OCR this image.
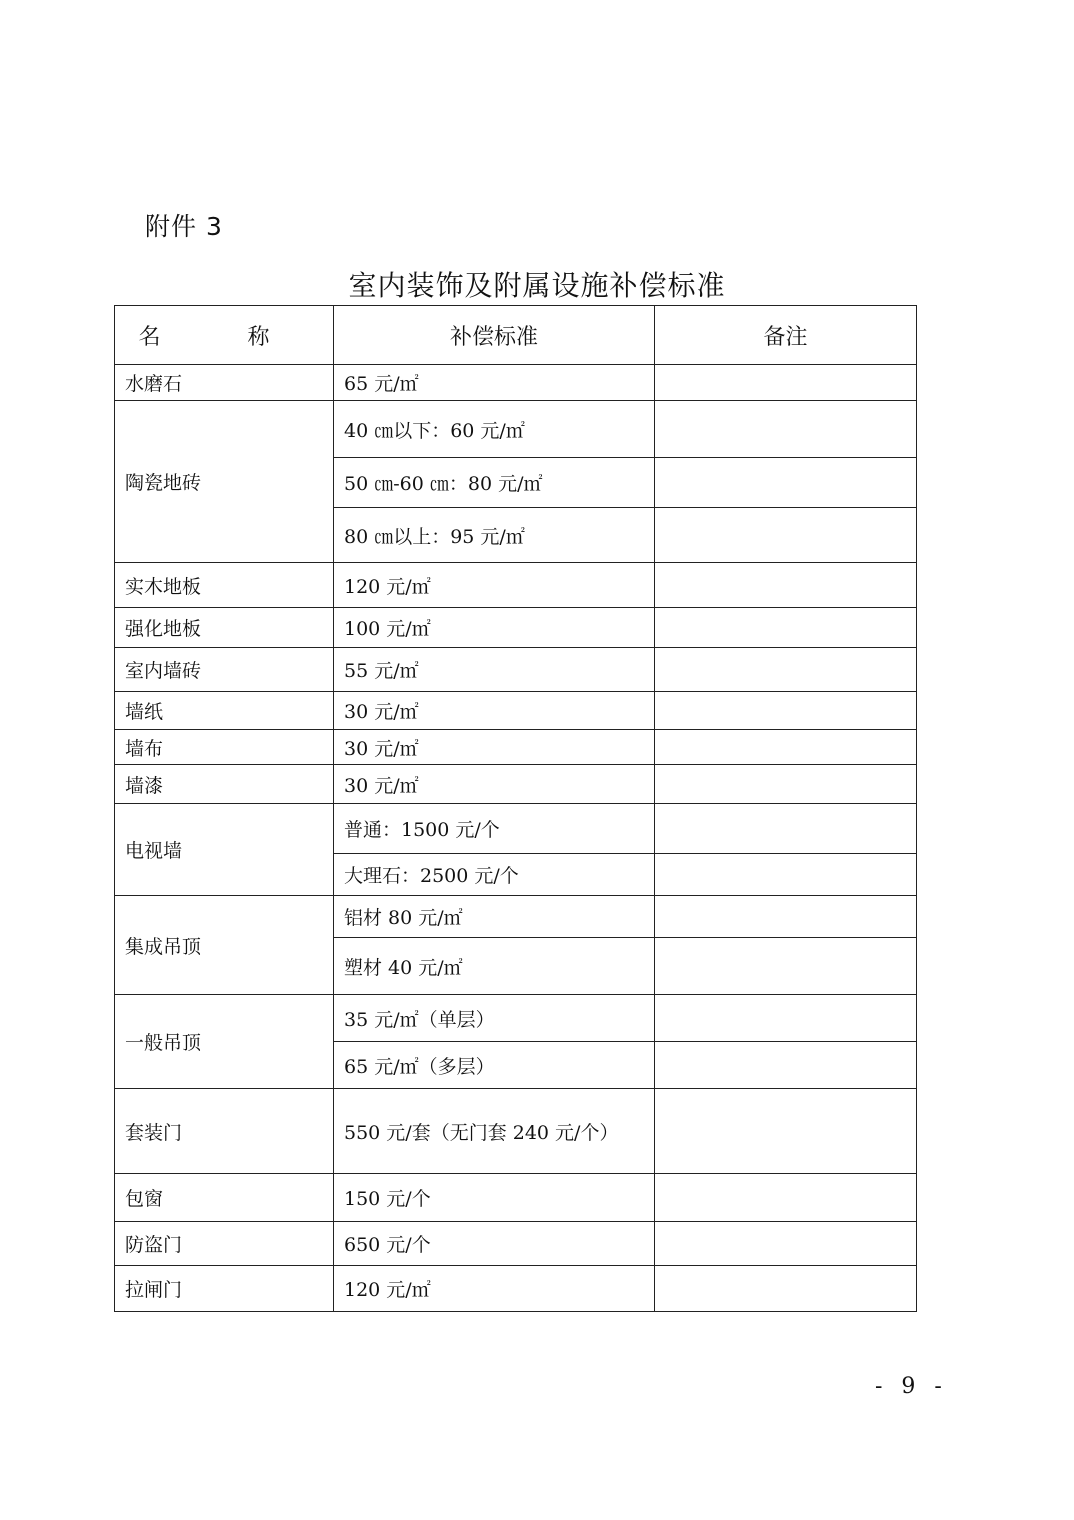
附件 3
室内装饰及附属设施补偿标准
名 称	补偿标准	备注
水磨石	65 元/㎡	
陶瓷地砖	40 ㎝以下：60 元/㎡	
	50 ㎝-60 ㎝：80 元/㎡	
	80 ㎝以上：95 元/㎡	
实木地板	120 元/㎡	
强化地板	100 元/㎡	
室内墙砖	55 元/㎡	
墙纸	30 元/㎡	
墙布	30 元/㎡	
墙漆	30 元/㎡	
电视墙	普通：1500 元/个	
	大理石：2500 元/个	
集成吊顶	铝材 80 元/㎡	
	塑材 40 元/㎡	
一般吊顶	35 元/㎡（单层）	
	65 元/㎡（多层）	
套装门	550 元/套（无门套 240 元/个）	
包窗	150 元/个	
防盗门	650 元/个	
拉闸门	120 元/㎡	
- 9 -
